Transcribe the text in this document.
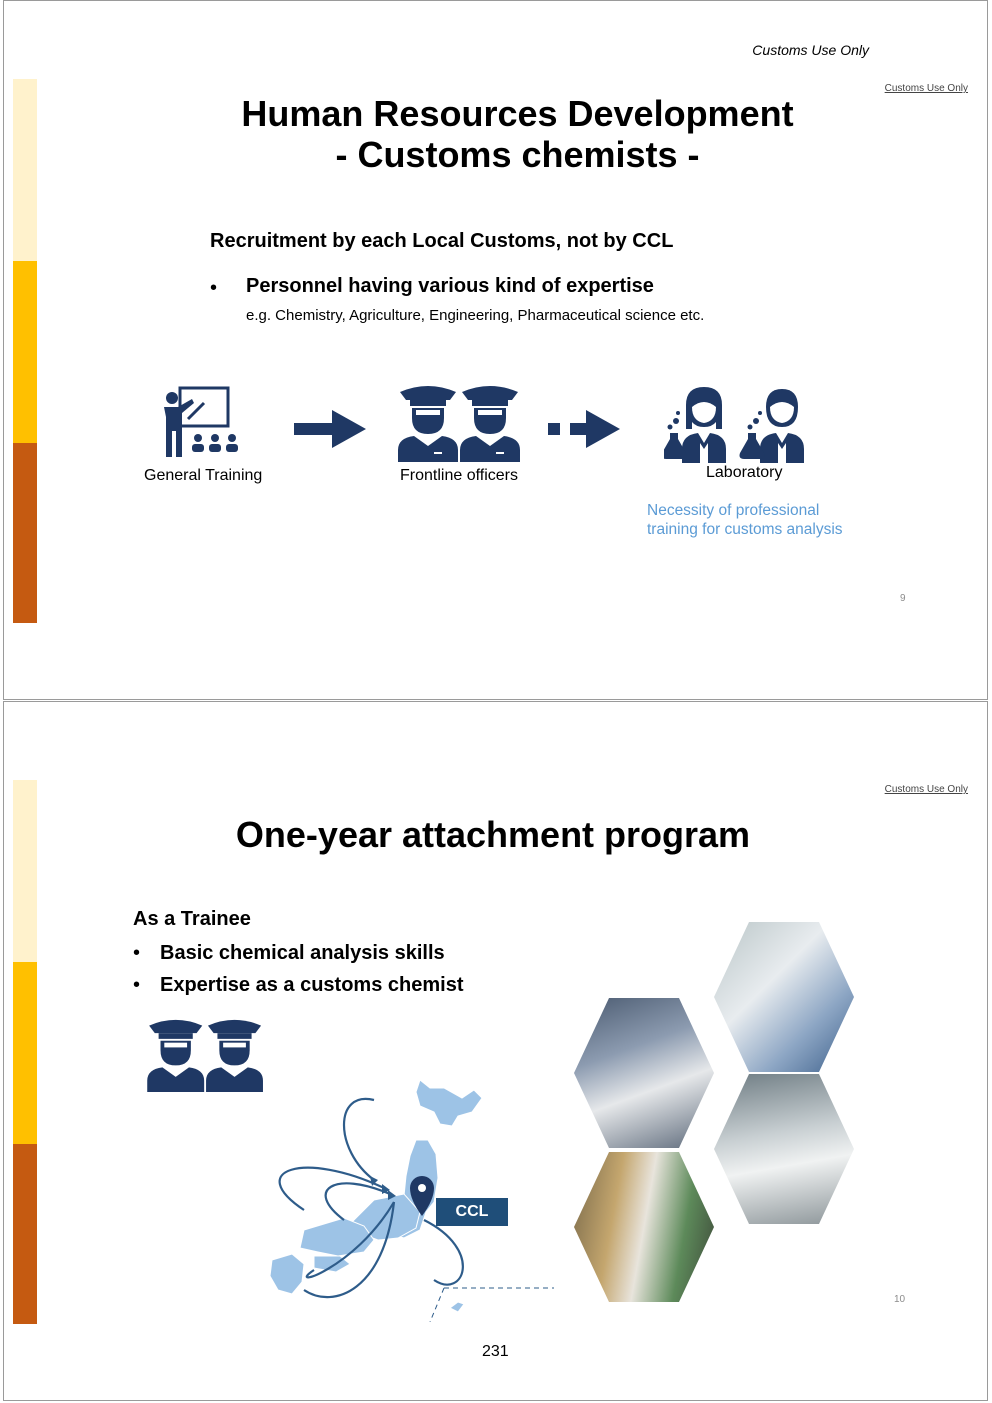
Customs Use Only
Customs Use Only
Human Resources Development
- Customs chemists -
Recruitment by each Local Customs, not by CCL
• Personnel having various kind of expertise
e.g. Chemistry, Agriculture, Engineering, Pharmaceutical science etc.
General Training	Frontline officers	Laboratory
Necessity of professional
training for customs analysis
9
Customs Use Only
One-year attachment program
As a Trainee
• Basic chemical analysis skills
• Expertise as a customs chemist
CCL
10
231
